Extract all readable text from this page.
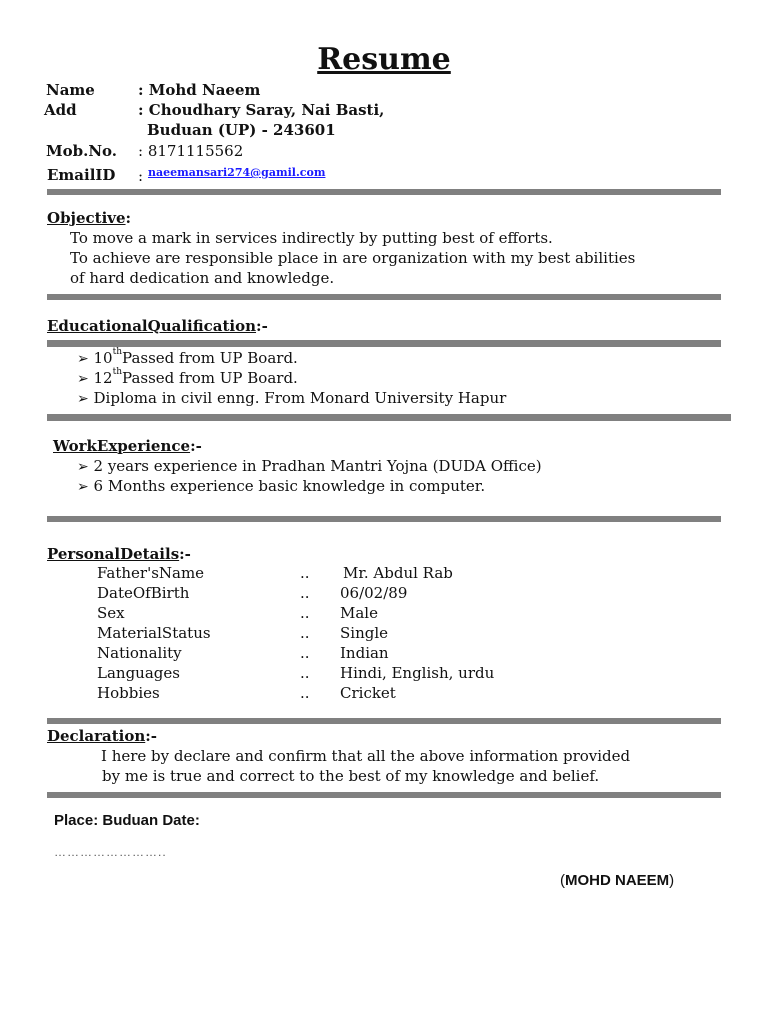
Resume
Name	: Mohd Naeem
Add	: Choudhary Saray, Nai Basti,
Buduan (UP) - 243601
Mob.No. : 8171115562
EmailID : naeemansari274@gamil.com
Objective:
To move a mark in services indirectly by putting best of efforts.
To achieve are responsible place in are organization with my best abilities
of hard dedication and knowledge.
EducationalQualification:-
➢ 10thPassed from UP Board.
➢ 12thPassed from UP Board.
➢ Diploma in civil enng. From Monard University Hapur
WorkExperience:-
➢ 2 years experience in Pradhan Mantri Yojna (DUDA Office)
➢ 6 Months experience basic knowledge in computer.
PersonalDetails:-
Father'sName	.. Mr. Abdul Rab
DateOfBirth	.. 06/02/89
Sex	.. Male
MaterialStatus	.. Single
Nationality	.. Indian
Languages	.. Hindi, English, urdu
Hobbies	.. Cricket
Declaration:-
I here by declare and confirm that all the above information provided
by me is true and correct to the best of my knowledge and belief.
Place: Buduan Date:
……………………..
(MOHD NAEEM)
